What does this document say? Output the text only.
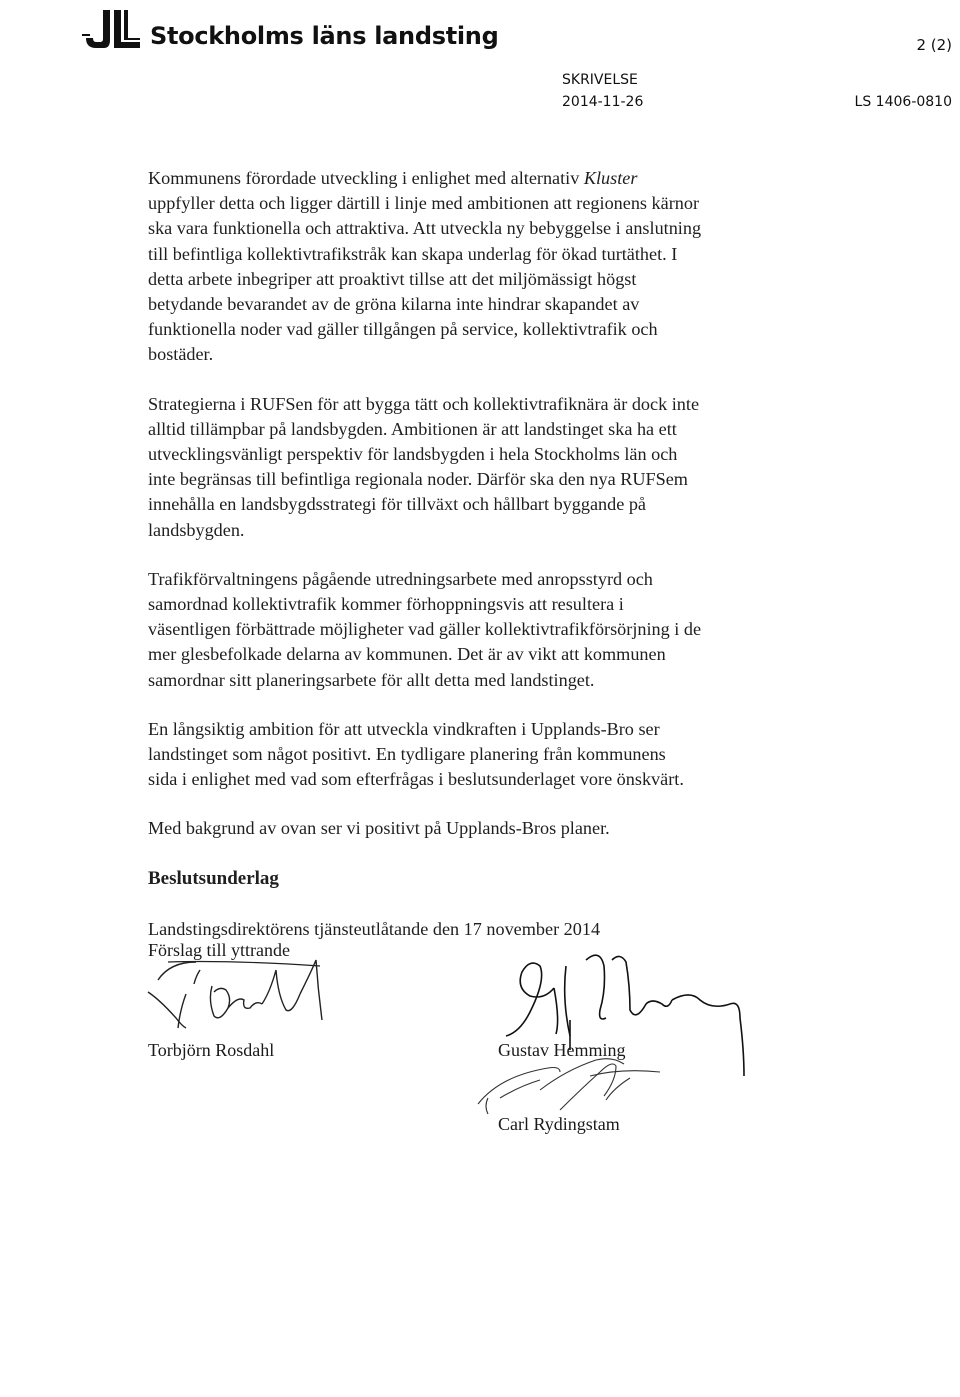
Stockholms läns landsting	2 (2)
SKRIVELSE
2014-11-26	LS 1406-0810

Kommunens förordade utveckling i enlighet med alternativ Kluster
uppfyller detta och ligger därtill i linje med ambitionen att regionens kärnor
ska vara funktionella och attraktiva. Att utveckla ny bebyggelse i anslutning
till befintliga kollektivtrafikstråk kan skapa underlag för ökad turtäthet. I
detta arbete inbegriper att proaktivt tillse att det miljömässigt högst
betydande bevarandet av de gröna kilarna inte hindrar skapandet av
funktionella noder vad gäller tillgången på service, kollektivtrafik och
bostäder.

Strategierna i RUFSen för att bygga tätt och kollektivtrafiknära är dock inte
alltid tillämpbar på landsbygden. Ambitionen är att landstinget ska ha ett
utvecklingsvänligt perspektiv för landsbygden i hela Stockholms län och
inte begränsas till befintliga regionala noder. Därför ska den nya RUFSem
innehålla en landsbygdsstrategi för tillväxt och hållbart byggande på
landsbygden.

Trafikförvaltningens pågående utredningsarbete med anropsstyrd och
samordnad kollektivtrafik kommer förhoppningsvis att resultera i
väsentligen förbättrade möjligheter vad gäller kollektivtrafikförsörjning i de
mer glesbefolkade delarna av kommunen. Det är av vikt att kommunen
samordnar sitt planeringsarbete för allt detta med landstinget.

En långsiktig ambition för att utveckla vindkraften i Upplands-Bro ser
landstinget som något positivt. En tydligare planering från kommunens
sida i enlighet med vad som efterfrågas i beslutsunderlaget vore önskvärt.

Med bakgrund av ovan ser vi positivt på Upplands-Bros planer.

Beslutsunderlag
Landstingsdirektörens tjänsteutlåtande den 17 november 2014
Förslag till yttrande
Torbjörn Rosdahl	Gustav Hemming
Carl Rydingstam
